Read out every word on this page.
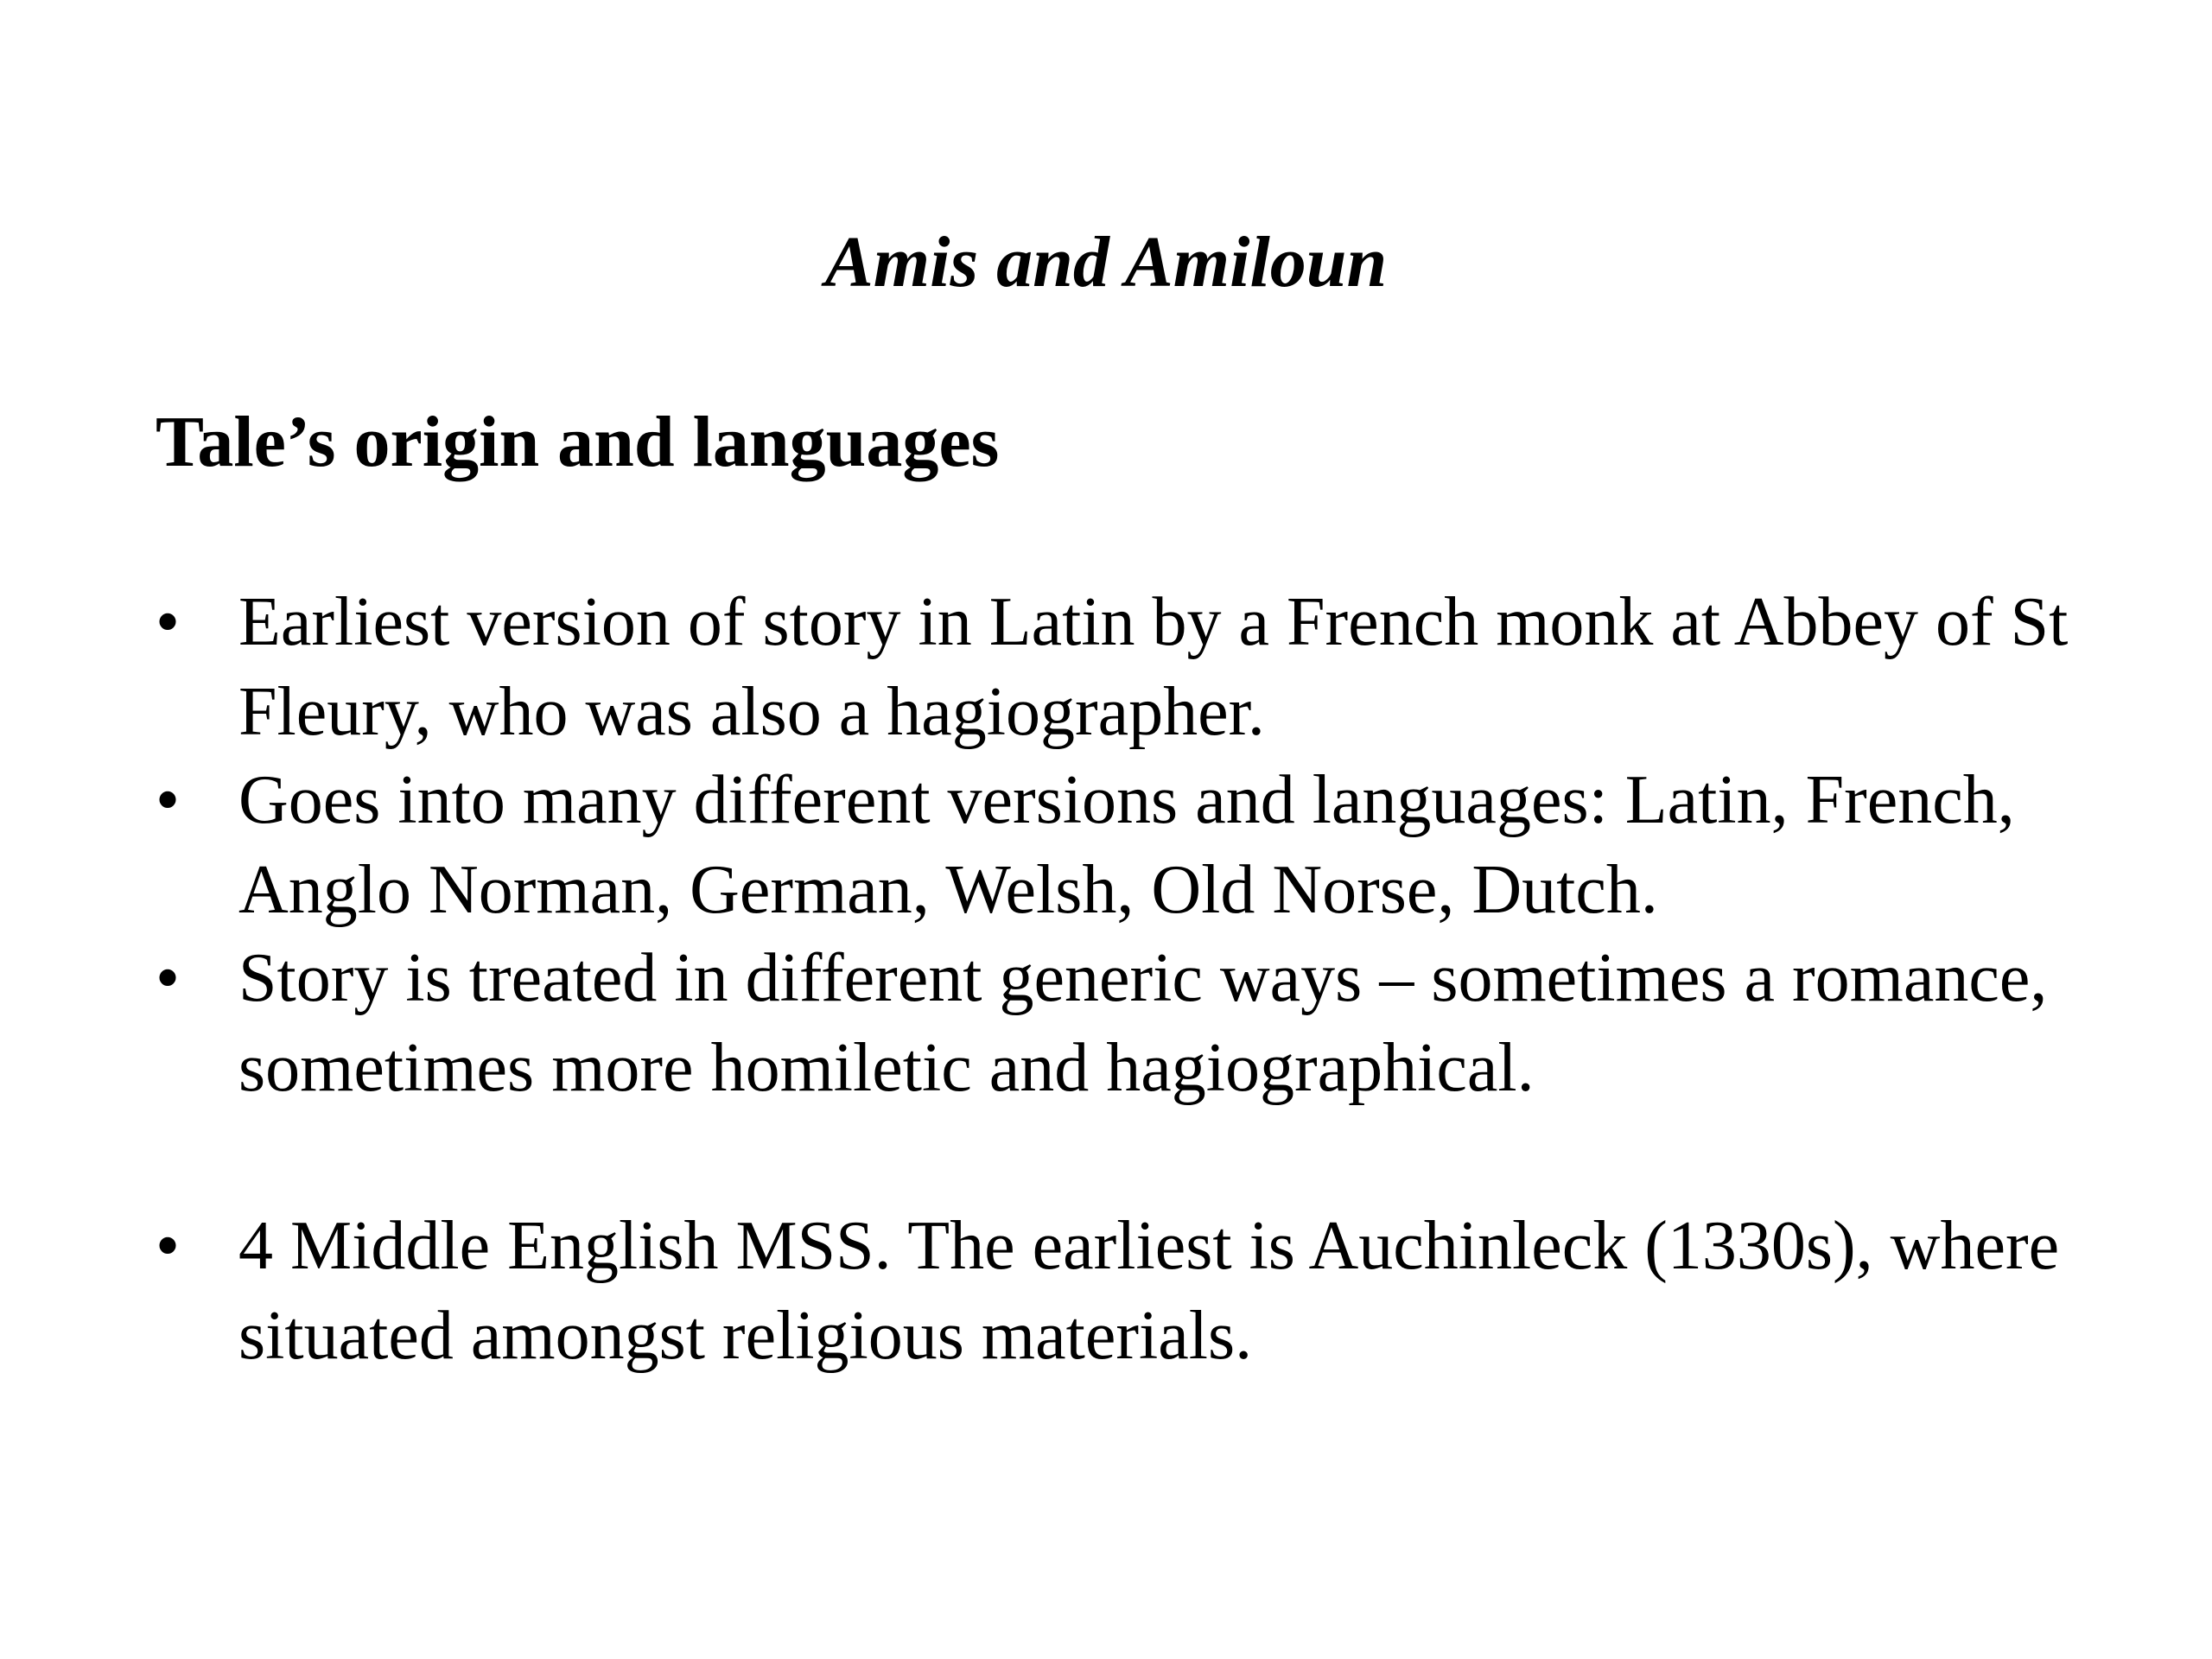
Amis and Amiloun
Tale’s origin and languages
• Earliest version of story in Latin by a French monk at Abbey of St Fleury, who was also a hagiographer.
• Goes into many different versions and languages: Latin, French, Anglo Norman, German, Welsh, Old Norse, Dutch.
• Story is treated in different generic ways – sometimes a romance, sometimes more homiletic and hagiographical.
• 4 Middle English MSS. The earliest is Auchinleck (1330s), where situated amongst religious materials.
